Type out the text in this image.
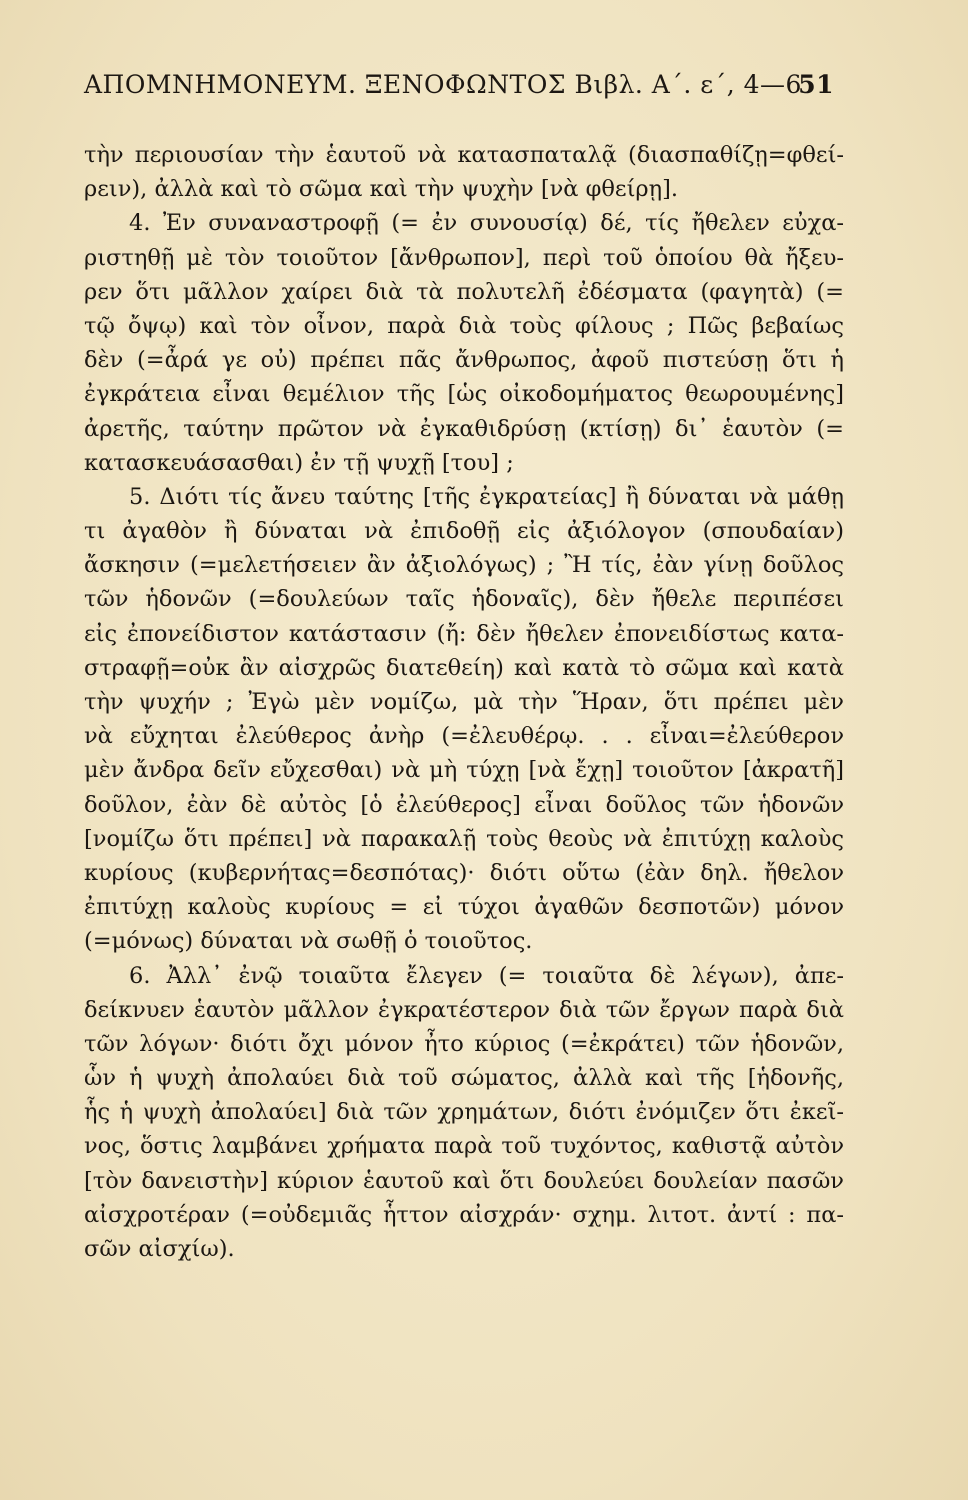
ΑΠΟΜΝΗΜΟΝΕΥΜ. ΞΕΝΟΦΩΝΤΟΣ Βιβλ. Α΄. ε΄, 4—6
51
τὴν περιουσίαν τὴν ἑαυτοῦ νὰ κατασπαταλᾷ (διασπαθίζῃ=φθεί-
ρειν), ἀλλὰ καὶ τὸ σῶμα καὶ τὴν ψυχὴν [νὰ φθείρῃ].
4. Ἐν συναναστροφῇ (= ἐν συνουσίᾳ) δέ, τίς ἤθελεν εὐχα-
ριστηθῇ μὲ τὸν τοιοῦτον [ἄνθρωπον], περὶ τοῦ ὁποίου θὰ ἤξευ-
ρεν ὅτι μᾶλλον χαίρει διὰ τὰ πολυτελῆ ἐδέσματα (φαγητὰ) (=
τῷ ὄψῳ) καὶ τὸν οἶνον, παρὰ διὰ τοὺς φίλους ; Πῶς βεβαίως
δὲν (=ἆρά γε οὐ) πρέπει πᾶς ἄνθρωπος, ἀφοῦ πιστεύσῃ ὅτι ἡ
ἐγκράτεια εἶναι θεμέλιον τῆς [ὡς οἰκοδομήματος θεωρουμένης]
ἀρετῆς, ταύτην πρῶτον νὰ ἐγκαθιδρύσῃ (κτίσῃ) δι᾽ ἑαυτὸν (=
κατασκευάσασθαι) ἐν τῇ ψυχῇ [του] ;
5. Διότι τίς ἄνευ ταύτης [τῆς ἐγκρατείας] ἢ δύναται νὰ μάθῃ
τι ἀγαθὸν ἢ δύναται νὰ ἐπιδοθῇ εἰς ἀξιόλογον (σπουδαίαν)
ἄσκησιν (=μελετήσειεν ἂν ἀξιολόγως) ; Ἢ τίς, ἐὰν γίνῃ δοῦλος
τῶν ἡδονῶν (=δουλεύων ταῖς ἡδοναῖς), δὲν ἤθελε περιπέσει
εἰς ἐπονείδιστον κατάστασιν (ἤ: δὲν ἤθελεν ἐπονειδίστως κατα-
στραφῇ=οὐκ ἂν αἰσχρῶς διατεθείη) καὶ κατὰ τὸ σῶμα καὶ κατὰ
τὴν ψυχήν ; Ἐγὼ μὲν νομίζω, μὰ τὴν Ἥραν, ὅτι πρέπει μὲν
νὰ εὔχηται ἐλεύθερος ἀνὴρ (=ἐλευθέρῳ. . . εἶναι=ἐλεύθερον
μὲν ἄνδρα δεῖν εὔχεσθαι) νὰ μὴ τύχῃ [νὰ ἔχῃ] τοιοῦτον [ἀκρατῆ]
δοῦλον, ἐὰν δὲ αὐτὸς [ὁ ἐλεύθερος] εἶναι δοῦλος τῶν ἡδονῶν
[νομίζω ὅτι πρέπει] νὰ παρακαλῇ τοὺς θεοὺς νὰ ἐπιτύχῃ καλοὺς
κυρίους (κυβερνήτας=δεσπότας)· διότι οὕτω (ἐὰν δηλ. ἤθελον
ἐπιτύχῃ καλοὺς κυρίους = εἰ τύχοι ἀγαθῶν δεσποτῶν) μόνον
(=μόνως) δύναται νὰ σωθῇ ὁ τοιοῦτος.
6. Ἀλλ᾽ ἐνῷ τοιαῦτα ἔλεγεν (= τοιαῦτα δὲ λέγων), ἀπε-
δείκνυεν ἑαυτὸν μᾶλλον ἐγκρατέστερον διὰ τῶν ἔργων παρὰ διὰ
τῶν λόγων· διότι ὄχι μόνον ἦτο κύριος (=ἐκράτει) τῶν ἡδονῶν,
ὧν ἡ ψυχὴ ἀπολαύει διὰ τοῦ σώματος, ἀλλὰ καὶ τῆς [ἡδονῆς,
ἧς ἡ ψυχὴ ἀπολαύει] διὰ τῶν χρημάτων, διότι ἐνόμιζεν ὅτι ἐκεῖ-
νος, ὅστις λαμβάνει χρήματα παρὰ τοῦ τυχόντος, καθιστᾷ αὐτὸν
[τὸν δανειστὴν] κύριον ἑαυτοῦ καὶ ὅτι δουλεύει δουλείαν πασῶν
αἰσχροτέραν (=οὐδεμιᾶς ἧττον αἰσχράν· σχημ. λιτοτ. ἀντί : πα-
σῶν αἰσχίω).
